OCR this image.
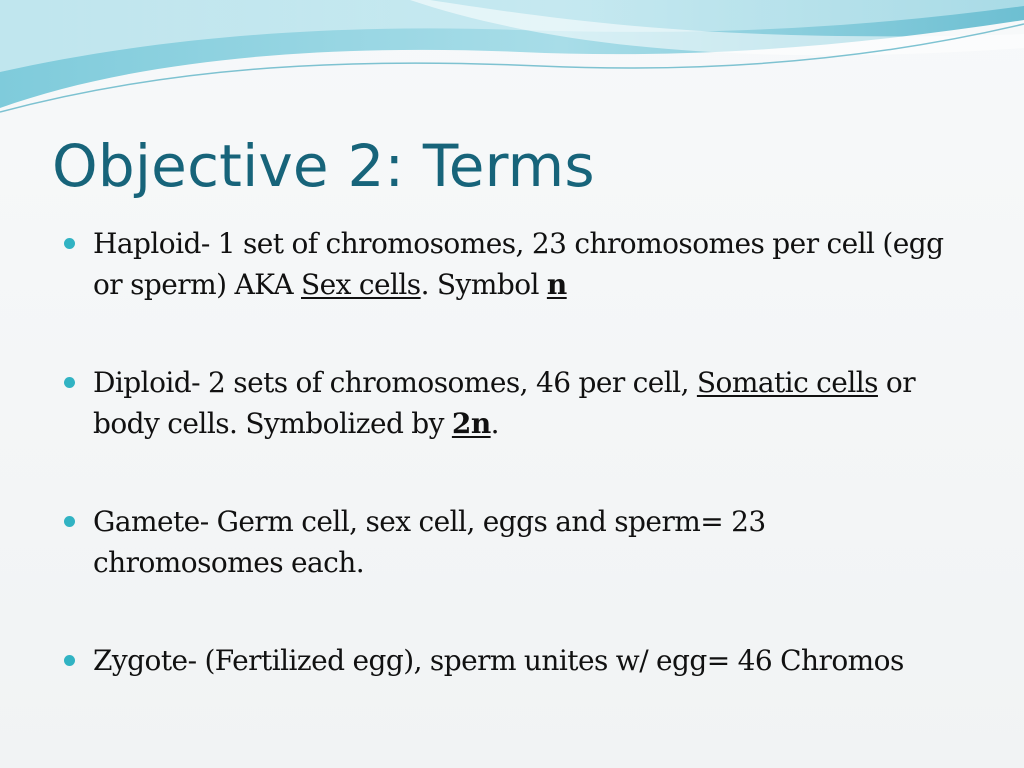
Objective 2: Terms

Haploid- 1 set of chromosomes, 23 chromosomes per cell (egg or sperm) AKA Sex cells. Symbol n

Diploid- 2 sets of chromosomes, 46 per cell, Somatic cells or body cells. Symbolized by 2n.

Gamete- Germ cell, sex cell, eggs and sperm= 23 chromosomes each.

Zygote- (Fertilized egg), sperm unites w/ egg= 46 Chromos
